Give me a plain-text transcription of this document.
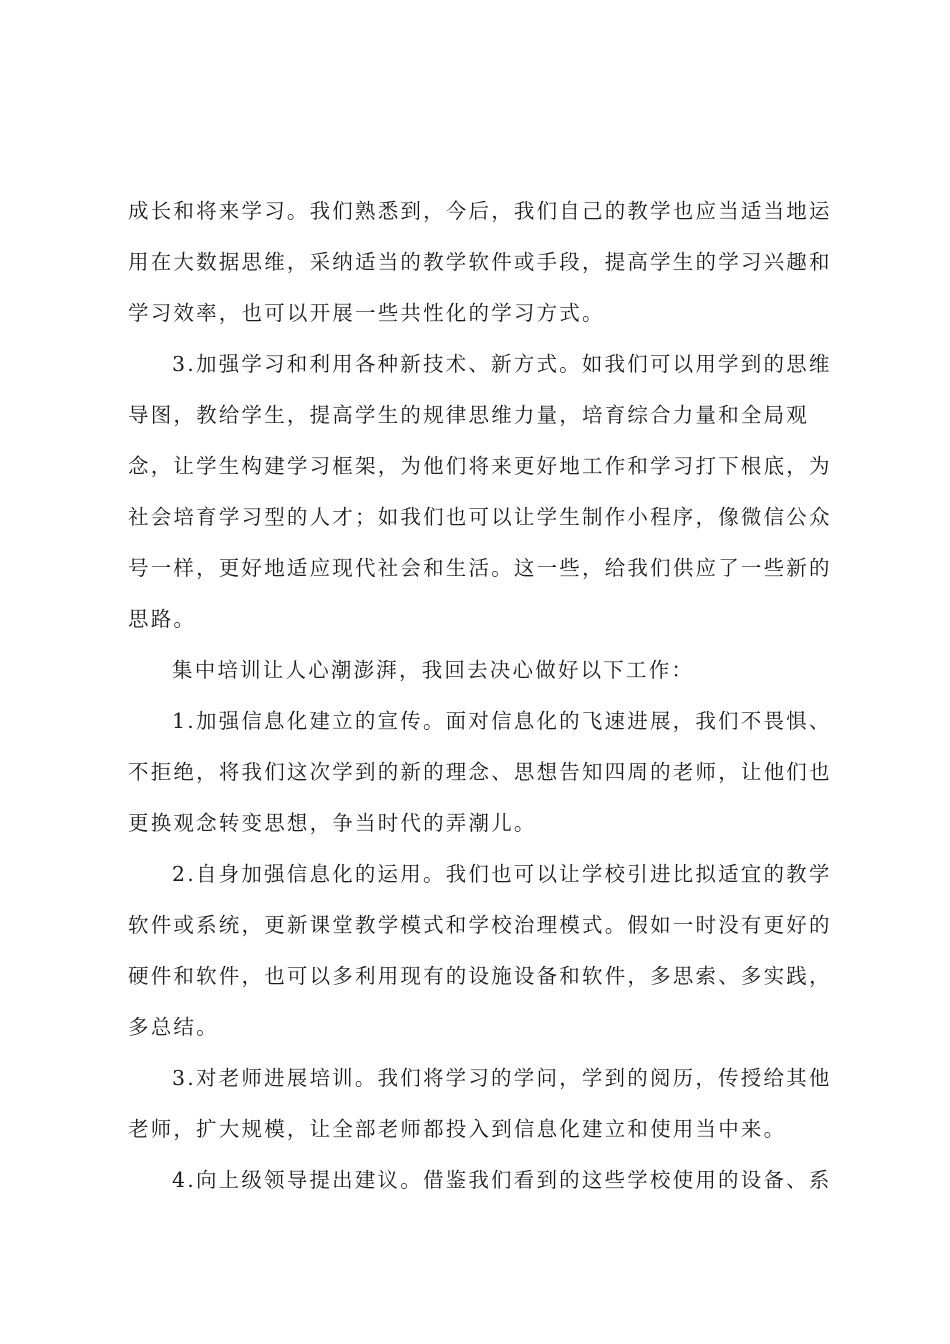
成长和将来学习。我们熟悉到，今后，我们自己的教学也应当适当地运
用在大数据思维，采纳适当的教学软件或手段，提高学生的学习兴趣和
学习效率，也可以开展一些共性化的学习方式。
3.加强学习和利用各种新技术、新方式。如我们可以用学到的思维
导图，教给学生，提高学生的规律思维力量，培育综合力量和全局观
念，让学生构建学习框架，为他们将来更好地工作和学习打下根底，为
社会培育学习型的人才；如我们也可以让学生制作小程序，像微信公众
号一样，更好地适应现代社会和生活。这一些，给我们供应了一些新的
思路。
集中培训让人心潮澎湃，我回去决心做好以下工作：
1.加强信息化建立的宣传。面对信息化的飞速进展，我们不畏惧、
不拒绝，将我们这次学到的新的理念、思想告知四周的老师，让他们也
更换观念转变思想，争当时代的弄潮儿。
2.自身加强信息化的运用。我们也可以让学校引进比拟适宜的教学
软件或系统，更新课堂教学模式和学校治理模式。假如一时没有更好的
硬件和软件，也可以多利用现有的设施设备和软件，多思索、多实践，
多总结。
3.对老师进展培训。我们将学习的学问，学到的阅历，传授给其他
老师，扩大规模，让全部老师都投入到信息化建立和使用当中来。
4.向上级领导提出建议。借鉴我们看到的这些学校使用的设备、系
